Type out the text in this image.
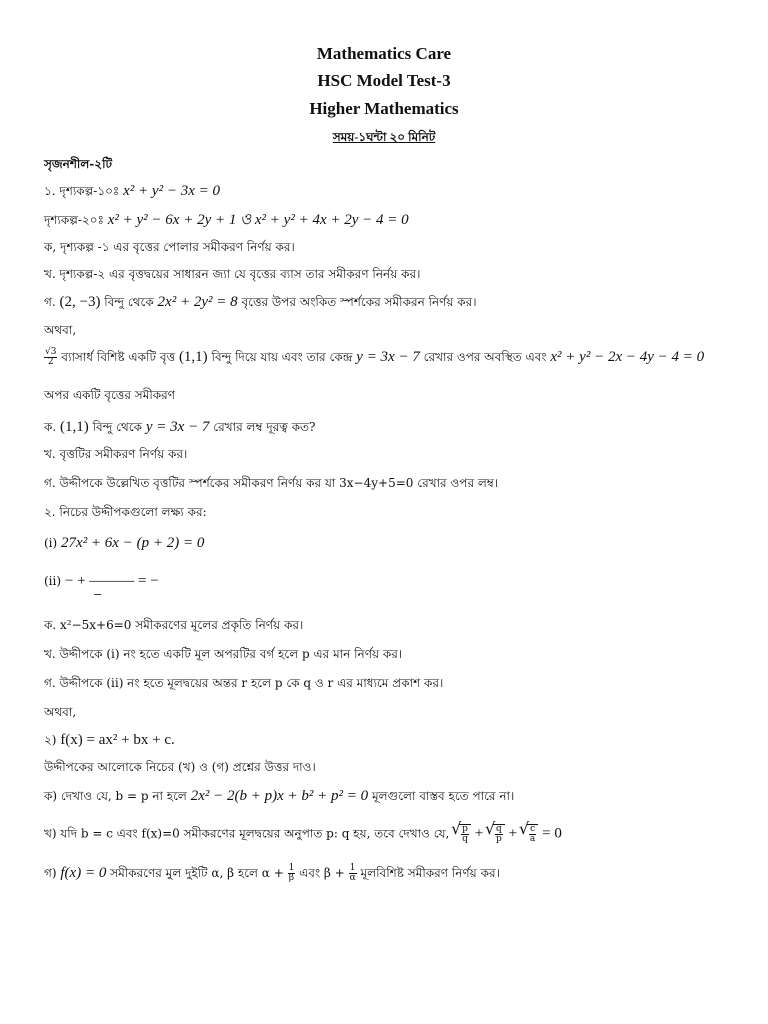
Mathematics Care
HSC Model Test-3
Higher Mathematics
সময়-১ঘন্টা ২০ মিনিট
সৃজনশীল-২টি
১. দৃশ্যকল্প-১০ঃ x² + y² − 3x = 0
দৃশ্যকল্প-২০ঃ x² + y² − 6x + 2y + 1 ও x² + y² + 4x + 2y − 4 = 0
ক, দৃশ্যকল্প -১ এর বৃত্তের পোলার সমীকরণ নির্ণয় কর।
খ. দৃশ্যকল্প-২ এর বৃত্তদ্বয়ের সাধারন জ্যা যে বৃত্তের ব্যাস তার সমীকরণ নির্নয় কর।
গ. (2, −3) বিন্দু থেকে 2x² + 2y² = 8 বৃত্তের উপর অংকিত স্পর্শকের সমীকরন নির্ণয় কর।
অথবা,
$\frac{√3}{2}$ ব্যাসার্ধ বিশিষ্ট একটি বৃত্ত (1,1) বিন্দু দিয়ে যায় এবং তার কেন্দ্র y = 3x − 7 রেখার ওপর অবস্থিত এবং x² + y² − 2x − 4y − 4 = 0
অপর একটি বৃত্তের সমীকরণ
ক. (1,1) বিন্দু থেকে y = 3x − 7 রেখার লম্ব দূরত্ব কত?
খ. বৃত্তটির সমীকরণ নির্ণয় কর।
গ. উদ্দীপকে উল্লেখিত বৃত্তটির স্পর্শকের সমীকরণ নির্ণয় কর যা 3x−4y+5=0 রেখার ওপর লম্ব।
২. নিচের উদ্দীপকগুলো লক্ষ্য কর:
(i) 27x² + 6x − (p + 2) = 0
(ii) − + ――― = −
−
ক. x²−5x+6=0 সমীকরণের মূলের প্রকৃতি নির্ণয় কর।
খ. উদ্দীপকে (i) নং হতে একটি মূল অপরটির বর্গ হলে p এর মান নির্ণয় কর।
গ. উদ্দীপকে (ii) নং হতে মূলদ্বয়ের অন্তর r হলে p কে q ও r এর মাধ্যমে প্রকাশ কর।
অথবা,
২) f(x) = ax² + bx + c.
উদ্দীপকের আলোকে নিচের (খ) ও (গ) প্রশ্নের উত্তর দাও।
ক) দেখাও যে, b = p না হলে 2x² − 2(b + p)x + b² + p² = 0 মূলগুলো বাস্তব হতে পারে না।
খ) যদি b = c এবং f(x)=0 সমীকরণের মূলদ্বয়ের অনুপাত p: q হয়, তবে দেখাও যে, √ $\frac{p}{q}$ + √ $\frac{q}{p}$ + √ $\frac{c}{a} = 0$
গ) f(x) = 0 সমীকরণের মুল দুইটি α, β হলে $\alpha + \frac{1}{\beta}$ এবং $\beta + \frac{1}{\alpha}$ মূলবিশিষ্ট সমীকরণ নির্ণয় কর।
